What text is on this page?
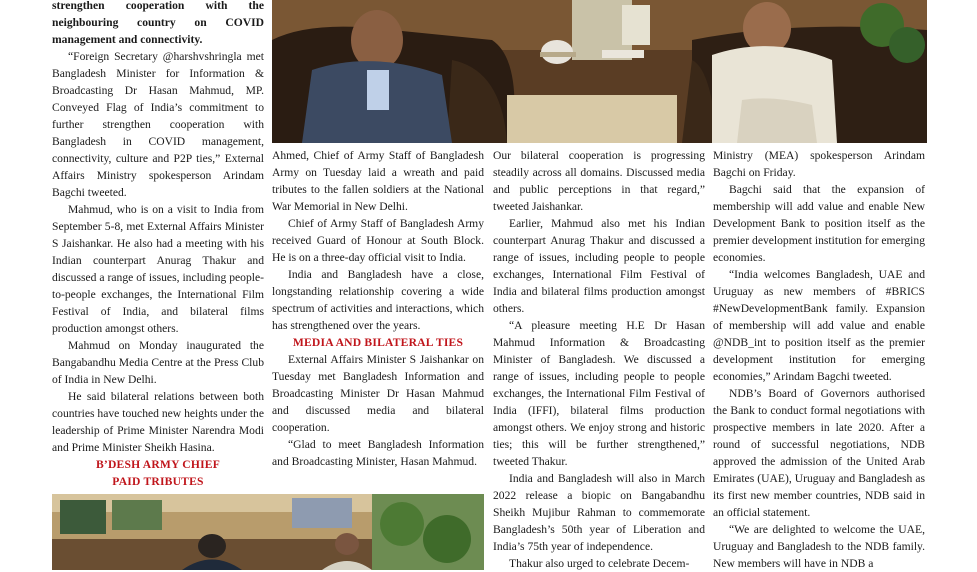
strengthen cooperation with the neighbouring country on COVID management and connectivity.

“Foreign Secretary @harshvshringla met Bangladesh Minister for Information & Broadcasting Dr Hasan Mahmud, MP. Conveyed Flag of India’s commitment to further strengthen cooperation with Bangladesh in COVID management, connectivity, culture and P2P ties,” External Affairs Ministry spokesperson Arindam Bagchi tweeted.

Mahmud, who is on a visit to India from September 5-8, met External Affairs Minister S Jaishankar. He also had a meeting with his Indian counterpart Anurag Thakur and discussed a range of issues, including people-to-people exchanges, the International Film Festival of India, and bilateral films production amongst others.

Mahmud on Monday inaugurated the Bangabandhu Media Centre at the Press Club of India in New Delhi.

He said bilateral relations between both countries have touched new heights under the leadership of Prime Minister Narendra Modi and Prime Minister Sheikh Hasina.

B’DESH ARMY CHIEF

PAID TRIBUTES

Ahmed, Chief of Army Staff of Bangladesh Army on Tuesday laid a wreath and paid tributes to the fallen soldiers at the National War Memorial in New Delhi.

Chief of Army Staff of Bangladesh Army received Guard of Honour at South Block. He is on a three-day official visit to India.

India and Bangladesh have a close, longstanding relationship covering a wide spectrum of activities and interactions, which has strengthened over the years.

MEDIA AND BILATERAL TIES

External Affairs Minister S Jaishankar on Tuesday met Bangladesh Information and Broadcasting Minister Dr Hasan Mahmud and discussed media and bilateral cooperation.

“Glad to meet Bangladesh Information and Broadcasting Minister, Hasan Mahmud.

Our bilateral cooperation is progressing steadily across all domains. Discussed media and public perceptions in that regard,” tweeted Jaishankar.

Earlier, Mahmud also met his Indian counterpart Anurag Thakur and discussed a range of issues, including people to people exchanges, International Film Festival of India and bilateral films production amongst others.

“A pleasure meeting H.E Dr Hasan Mahmud Information & Broadcasting Minister of Bangladesh. We discussed a range of issues, including people to people exchanges, the International Film Festival of India (IFFI), bilateral films production amongst others. We enjoy strong and historic ties; this will be further strengthened,” tweeted Thakur.

India and Bangladesh will also in March 2022 release a biopic on Bangabandhu Sheikh Mujibur Rahman to commemorate Bangladesh’s 50th year of Liberation and India’s 75th year of independence.

Thakur also urged to celebrate Decem-

Ministry (MEA) spokesperson Arindam Bagchi on Friday.

Bagchi said that the expansion of membership will add value and enable New Development Bank to position itself as the premier development institution for emerging economies.

“India welcomes Bangladesh, UAE and Uruguay as new members of #BRICS #NewDevelopmentBank family. Expansion of membership will add value and enable @NDB_int to position itself as the premier development institution for emerging economies,” Arindam Bagchi tweeted.

NDB’s Board of Governors authorised the Bank to conduct formal negotiations with prospective members in late 2020. After a round of successful negotiations, NDB approved the admission of the United Arab Emirates (UAE), Uruguay and Bangladesh as its first new member countries, NDB said in an official statement.

“We are delighted to welcome the UAE, Uruguay and Bangladesh to the NDB family. New members will have in NDB a
